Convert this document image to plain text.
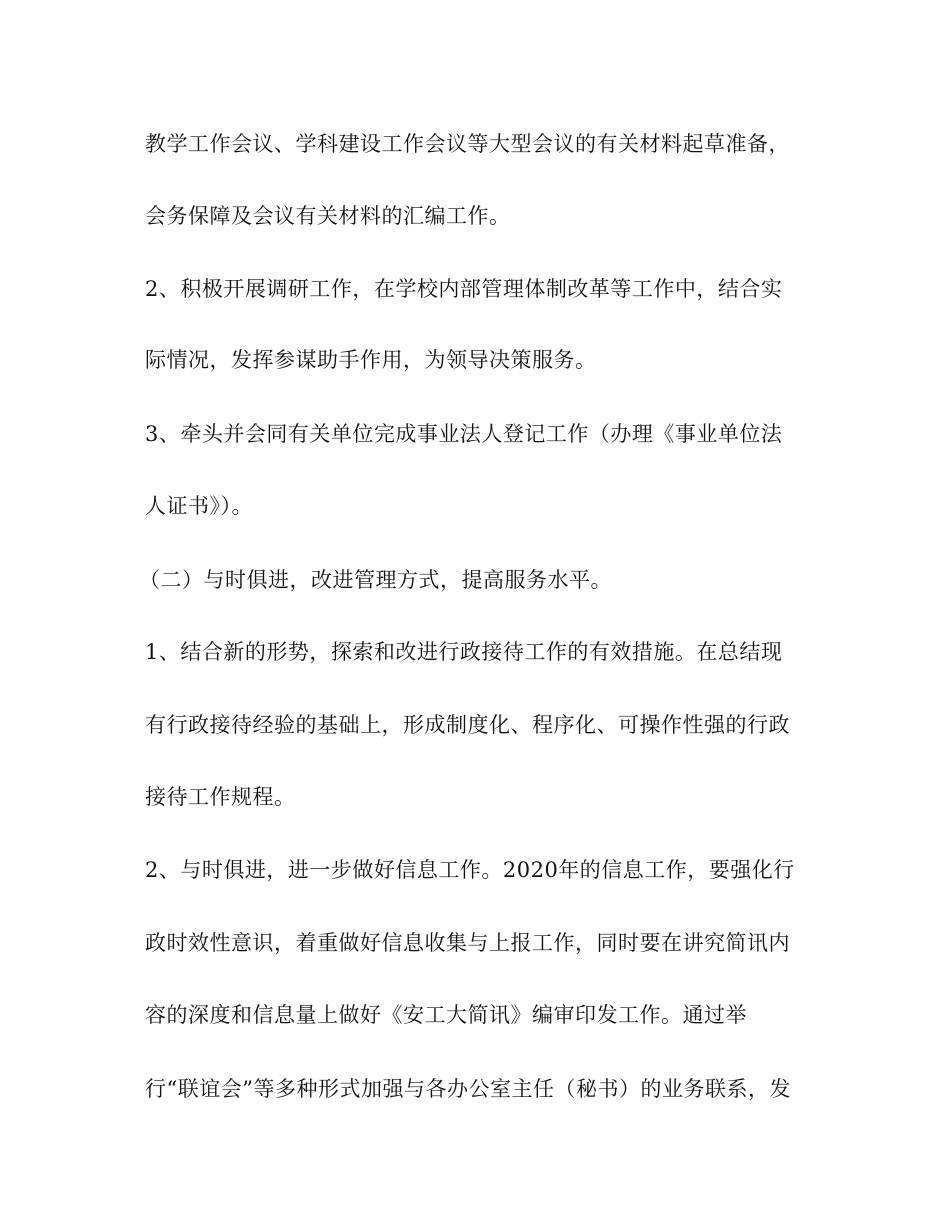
教学工作会议、学科建设工作会议等大型会议的有关材料起草准备，
会务保障及会议有关材料的汇编工作。
2、积极开展调研工作，在学校内部管理体制改革等工作中，结合实
际情况，发挥参谋助手作用，为领导决策服务。
3、牵头并会同有关单位完成事业法人登记工作（办理《事业单位法
人证书》）。
（二）与时俱进，改进管理方式，提高服务水平。
1、结合新的形势，探索和改进行政接待工作的有效措施。在总结现
有行政接待经验的基础上，形成制度化、程序化、可操作性强的行政
接待工作规程。
2、与时俱进，进一步做好信息工作。2020年的信息工作，要强化行
政时效性意识，着重做好信息收集与上报工作，同时要在讲究简讯内
容的深度和信息量上做好《安工大简讯》编审印发工作。通过举
行“联谊会”等多种形式加强与各办公室主任（秘书）的业务联系，发
